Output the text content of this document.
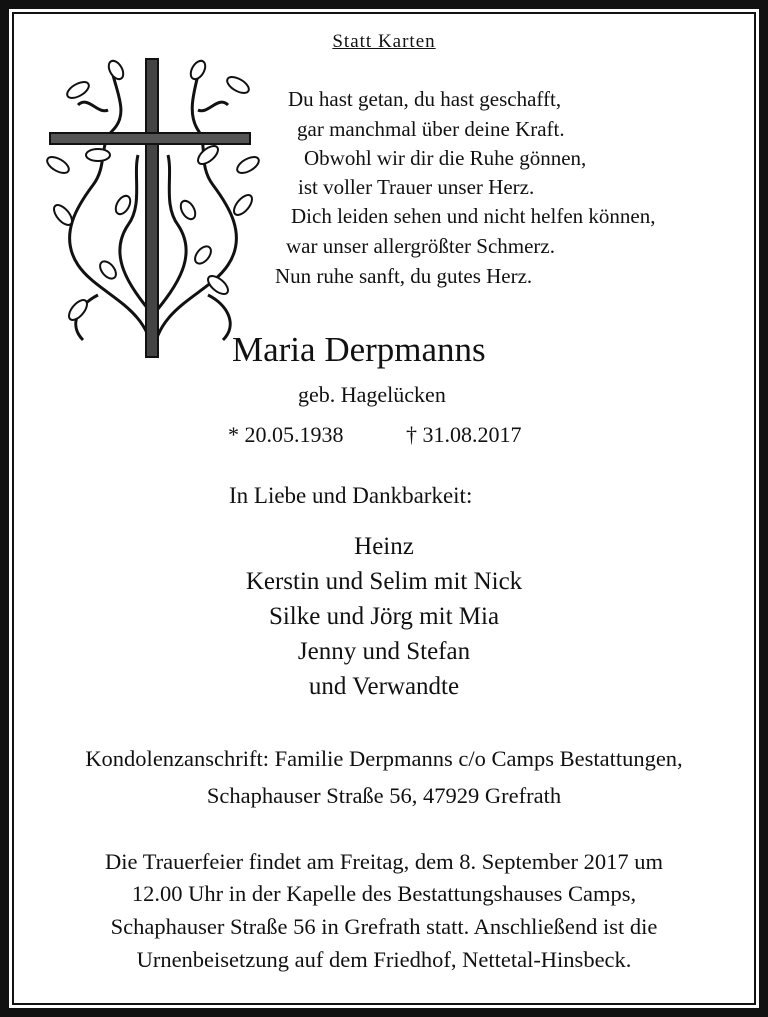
Statt Karten
Du hast getan, du hast geschafft,
gar manchmal über deine Kraft.
Obwohl wir dir die Ruhe gönnen,
ist voller Trauer unser Herz.
Dich leiden sehen und nicht helfen können,
war unser allergrößter Schmerz.
Nun ruhe sanft, du gutes Herz.
Maria Derpmanns
geb. Hagelücken
* 20.05.1938	† 31.08.2017
In Liebe und Dankbarkeit:
Heinz
Kerstin und Selim mit Nick
Silke und Jörg mit Mia
Jenny und Stefan
und Verwandte
Kondolenzanschrift: Familie Derpmanns c/o Camps Bestattungen,
Schaphauser Straße 56, 47929 Grefrath
Die Trauerfeier findet am Freitag, dem 8. September 2017 um
12.00 Uhr in der Kapelle des Bestattungshauses Camps,
Schaphauser Straße 56 in Grefrath statt. Anschließend ist die
Urnenbeisetzung auf dem Friedhof, Nettetal-Hinsbeck.
